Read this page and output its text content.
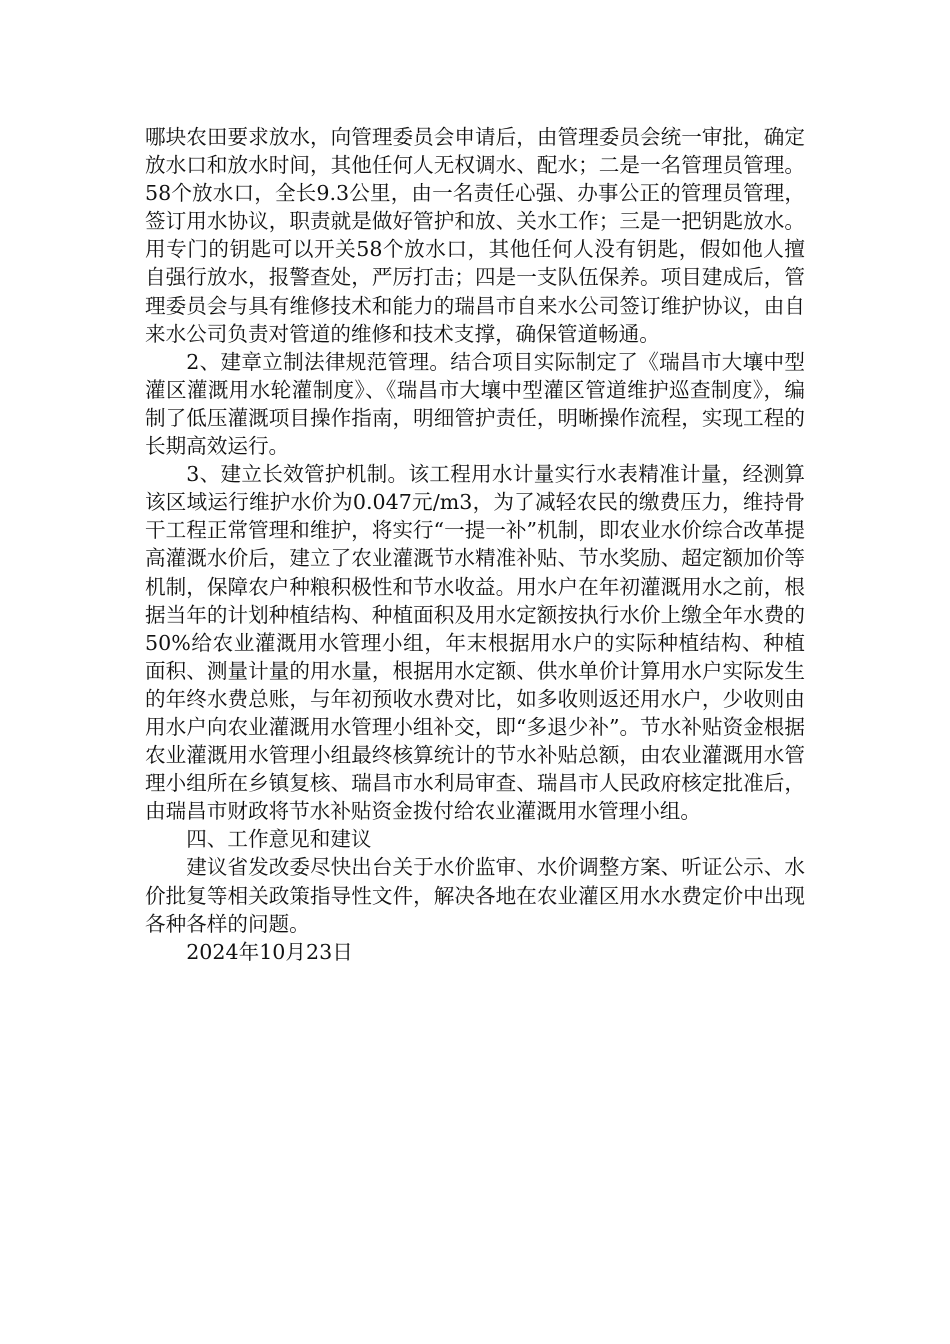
哪块农田要求放水，向管理委员会申请后，由管理委员会统一审批，确定放水口和放水时间，其他任何人无权调水、配水；二是一名管理员管理。58个放水口，全长9.3公里，由一名责任心强、办事公正的管理员管理，签订用水协议，职责就是做好管护和放、关水工作；三是一把钥匙放水。用专门的钥匙可以开关58个放水口，其他任何人没有钥匙，假如他人擅自强行放水，报警查处，严厉打击；四是一支队伍保养。项目建成后，管理委员会与具有维修技术和能力的瑞昌市自来水公司签订维护协议，由自来水公司负责对管道的维修和技术支撑，确保管道畅通。

2、建章立制法律规范管理。结合项目实际制定了《瑞昌市大壤中型灌区灌溉用水轮灌制度》、《瑞昌市大壤中型灌区管道维护巡查制度》，编制了低压灌溉项目操作指南，明细管护责任，明晰操作流程，实现工程的长期高效运行。

3、建立长效管护机制。该工程用水计量实行水表精准计量，经测算该区域运行维护水价为0.047元/m3，为了减轻农民的缴费压力，维持骨干工程正常管理和维护，将实行“一提一补”机制，即农业水价综合改革提高灌溉水价后，建立了农业灌溉节水精准补贴、节水奖励、超定额加价等机制，保障农户种粮积极性和节水收益。用水户在年初灌溉用水之前，根据当年的计划种植结构、种植面积及用水定额按执行水价上缴全年水费的 50%给农业灌溉用水管理小组，年末根据用水户的实际种植结构、种植面积、测量计量的用水量，根据用水定额、供水单价计算用水户实际发生的年终水费总账，与年初预收水费对比，如多收则返还用水户，少收则由用水户向农业灌溉用水管理小组补交，即“多退少补”。节水补贴资金根据农业灌溉用水管理小组最终核算统计的节水补贴总额，由农业灌溉用水管理小组所在乡镇复核、瑞昌市水利局审查、瑞昌市人民政府核定批准后，由瑞昌市财政将节水补贴资金拨付给农业灌溉用水管理小组。

四、工作意见和建议

建议省发改委尽快出台关于水价监审、水价调整方案、听证公示、水价批复等相关政策指导性文件，解决各地在农业灌区用水水费定价中出现各种各样的问题。

2024年10月23日
